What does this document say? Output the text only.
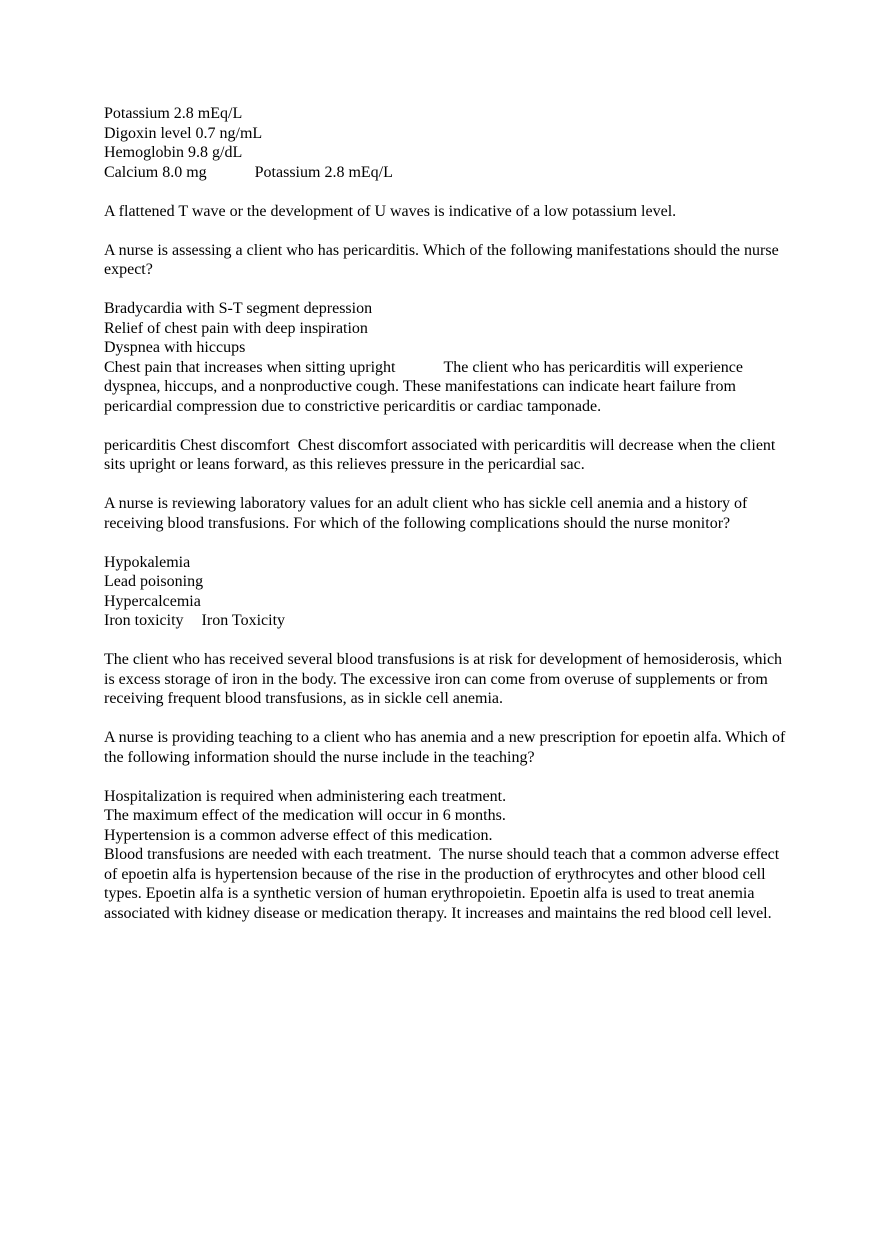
Potassium 2.8 mEq/L
Digoxin level 0.7 ng/mL
Hemoglobin 9.8 g/dL
Calcium 8.0 mg	Potassium 2.8 mEq/L

A flattened T wave or the development of U waves is indicative of a low potassium level.

A nurse is assessing a client who has pericarditis. Which of the following manifestations should the nurse expect?

Bradycardia with S-T segment depression
Relief of chest pain with deep inspiration
Dyspnea with hiccups

Chest pain that increases when sitting upright	The client who has pericarditis will experience dyspnea, hiccups, and a nonproductive cough. These manifestations can indicate heart failure from pericardial compression due to constrictive pericarditis or cardiac tamponade.

pericarditis Chest discomfort  Chest discomfort associated with pericarditis will decrease when the client sits upright or leans forward, as this relieves pressure in the pericardial sac.

A nurse is reviewing laboratory values for an adult client who has sickle cell anemia and a history of receiving blood transfusions. For which of the following complications should the nurse monitor?

Hypokalemia
Lead poisoning
Hypercalcemia
Iron toxicity Iron Toxicity

The client who has received several blood transfusions is at risk for development of hemosiderosis, which is excess storage of iron in the body. The excessive iron can come from overuse of supplements or from receiving frequent blood transfusions, as in sickle cell anemia.

A nurse is providing teaching to a client who has anemia and a new prescription for epoetin alfa. Which of the following information should the nurse include in the teaching?

Hospitalization is required when administering each treatment.
The maximum effect of the medication will occur in 6 months.
Hypertension is a common adverse effect of this medication.

Blood transfusions are needed with each treatment. The nurse should teach that a common adverse effect of epoetin alfa is hypertension because of the rise in the production of erythrocytes and other blood cell types. Epoetin alfa is a synthetic version of human erythropoietin. Epoetin alfa is used to treat anemia associated with kidney disease or medication therapy. It increases and maintains the red blood cell level.
